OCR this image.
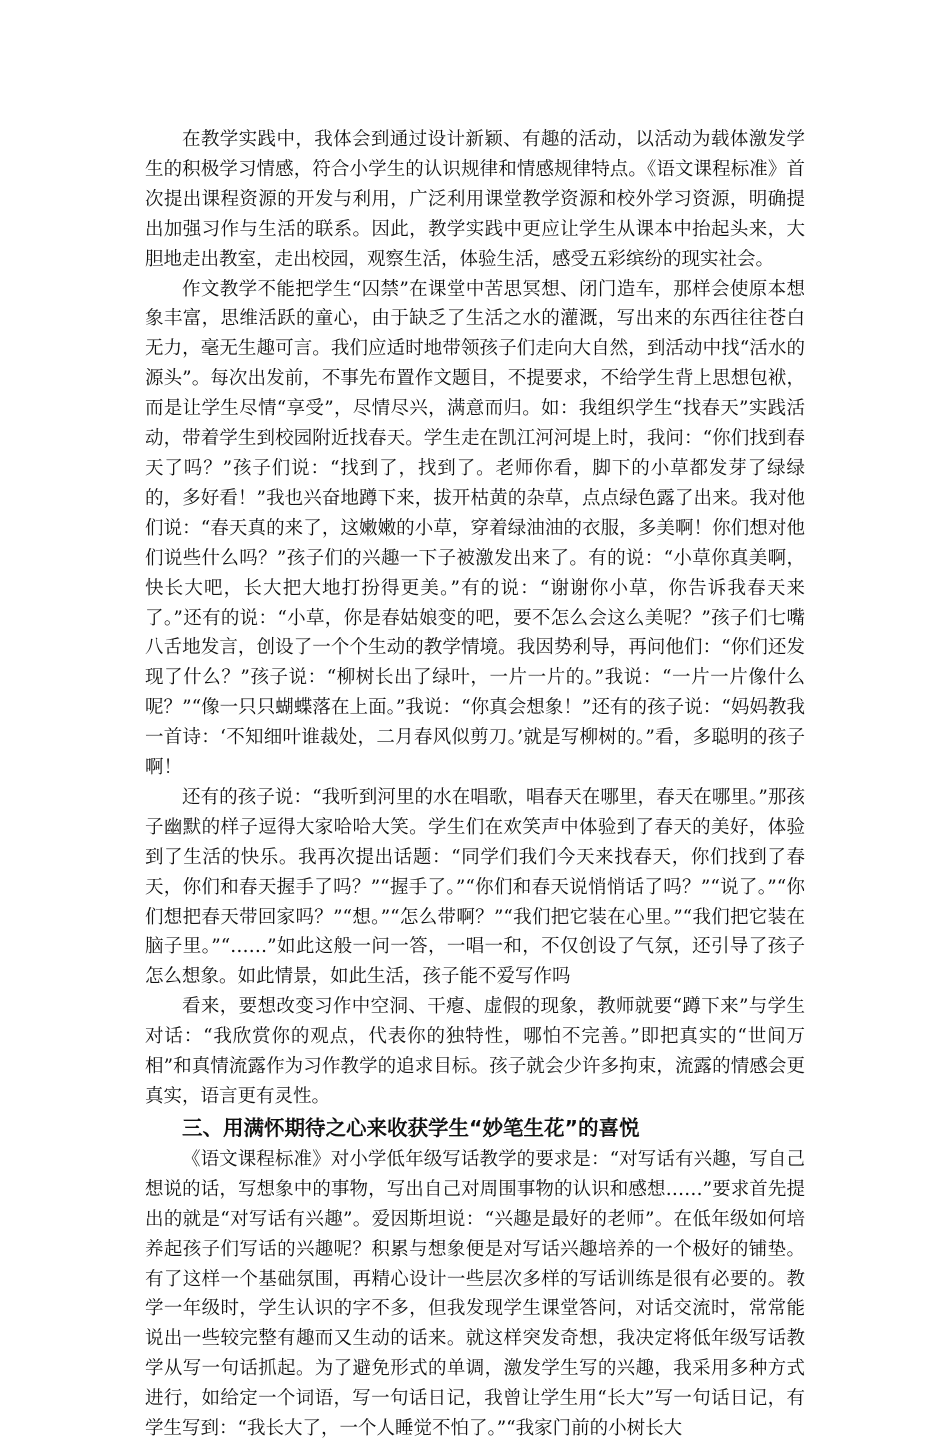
在教学实践中，我体会到通过设计新颖、有趣的活动，以活动为载体激发学生的积极学习情感，符合小学生的认识规律和情感规律特点。《语文课程标准》首次提出课程资源的开发与利用，广泛利用课堂教学资源和校外学习资源，明确提出加强习作与生活的联系。因此，教学实践中更应让学生从课本中抬起头来，大胆地走出教室，走出校园，观察生活，体验生活，感受五彩缤纷的现实社会。

作文教学不能把学生“囚禁”在课堂中苦思冥想、闭门造车，那样会使原本想象丰富，思维活跃的童心，由于缺乏了生活之水的灌溉，写出来的东西往往苍白无力，毫无生趣可言。我们应适时地带领孩子们走向大自然，到活动中找“活水的源头”。每次出发前，不事先布置作文题目，不提要求，不给学生背上思想包袱，而是让学生尽情“享受”，尽情尽兴，满意而归。如：我组织学生“找春天”实践活动，带着学生到校园附近找春天。学生走在凯江河河堤上时，我问：“你们找到春天了吗？”孩子们说：“找到了，找到了。老师你看，脚下的小草都发芽了绿绿的，多好看！”我也兴奋地蹲下来，拔开枯黄的杂草，点点绿色露了出来。我对他们说：“春天真的来了，这嫩嫩的小草，穿着绿油油的衣服，多美啊！你们想对他们说些什么吗？”孩子们的兴趣一下子被激发出来了。有的说：“小草你真美啊，快长大吧，长大把大地打扮得更美。”有的说：“谢谢你小草，你告诉我春天来了。”还有的说：“小草，你是春姑娘变的吧，要不怎么会这么美呢？”孩子们七嘴八舌地发言，创设了一个个生动的教学情境。我因势利导，再问他们：“你们还发现了什么？”孩子说：“柳树长出了绿叶，一片一片的。”我说：“一片一片像什么呢？”“像一只只蝴蝶落在上面。”我说：“你真会想象！”还有的孩子说：“妈妈教我一首诗：‘不知细叶谁裁处，二月春风似剪刀。’就是写柳树的。”看，多聪明的孩子啊！

还有的孩子说：“我听到河里的水在唱歌，唱春天在哪里，春天在哪里。”那孩子幽默的样子逗得大家哈哈大笑。学生们在欢笑声中体验到了春天的美好，体验到了生活的快乐。我再次提出话题：“同学们我们今天来找春天，你们找到了春天，你们和春天握手了吗？”“握手了。”“你们和春天说悄悄话了吗？”“说了。”“你们想把春天带回家吗？”“想。”“怎么带啊？”“我们把它装在心里。”“我们把它装在脑子里。”“……”如此这般一问一答，一唱一和，不仅创设了气氛，还引导了孩子怎么想象。如此情景，如此生活，孩子能不爱写作吗

看来，要想改变习作中空洞、干瘪、虚假的现象，教师就要“蹲下来”与学生对话：“我欣赏你的观点，代表你的独特性，哪怕不完善。”即把真实的“世间万相”和真情流露作为习作教学的追求目标。孩子就会少许多拘束，流露的情感会更真实，语言更有灵性。

三、用满怀期待之心来收获学生“妙笔生花”的喜悦

《语文课程标准》对小学低年级写话教学的要求是：“对写话有兴趣，写自己想说的话，写想象中的事物，写出自己对周围事物的认识和感想……”要求首先提出的就是“对写话有兴趣”。爱因斯坦说：“兴趣是最好的老师”。在低年级如何培养起孩子们写话的兴趣呢？积累与想象便是对写话兴趣培养的一个极好的铺垫。有了这样一个基础氛围，再精心设计一些层次多样的写话训练是很有必要的。教学一年级时，学生认识的字不多，但我发现学生课堂答问，对话交流时，常常能说出一些较完整有趣而又生动的话来。就这样突发奇想，我决定将低年级写话教学从写一句话抓起。为了避免形式的单调，激发学生写的兴趣，我采用多种方式进行，如给定一个词语，写一句话日记，我曾让学生用“长大”写一句话日记，有学生写到：“我长大了，一个人睡觉不怕了。”“我家门前的小树长大
